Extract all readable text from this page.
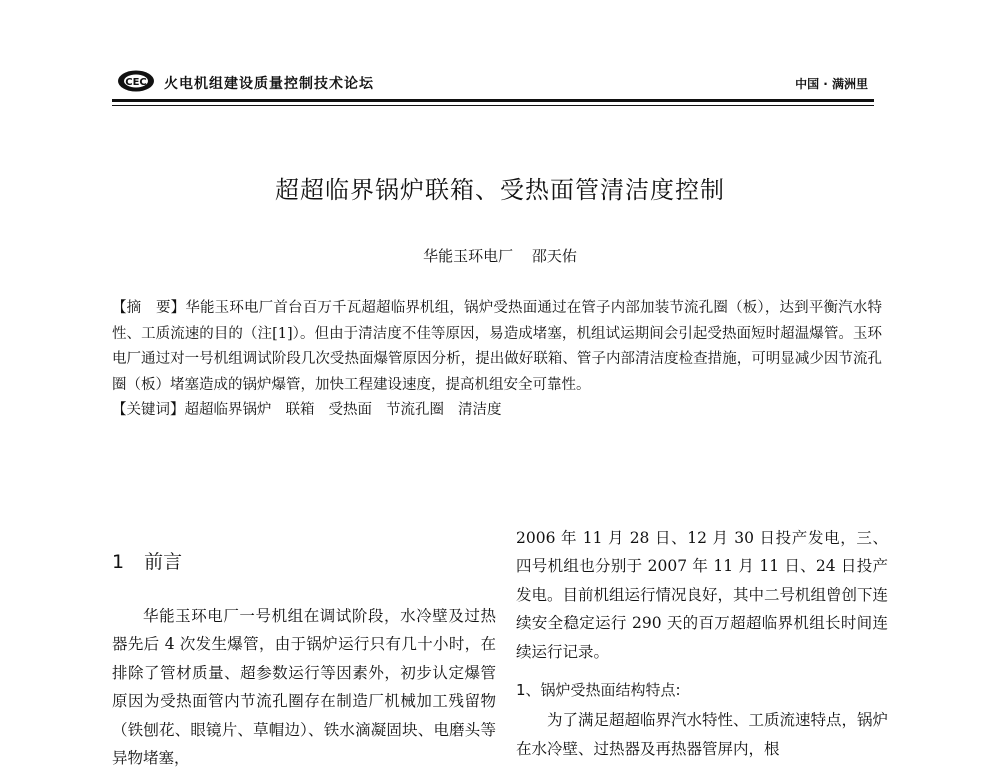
CEC 火电机组建设质量控制技术论坛	中国 · 满洲里
超超临界锅炉联箱、受热面管清洁度控制
华能玉环电厂 邵天佑

【摘　要】华能玉环电厂首台百万千瓦超超临界机组，锅炉受热面通过在管子内部加装节流孔圈（板），达到平衡汽水特性、工质流速的目的（注[1]）。但由于清洁度不佳等原因，易造成堵塞，机组试运期间会引起受热面短时超温爆管。玉环电厂通过对一号机组调试阶段几次受热面爆管原因分析，提出做好联箱、管子内部清洁度检查措施，可明显减少因节流孔圈（板）堵塞造成的锅炉爆管，加快工程建设速度，提高机组安全可靠性。

【关键词】超超临界锅炉 联箱 受热面 节流孔圈 清洁度

1 前言

华能玉环电厂一号机组在调试阶段，水冷壁及过热器先后 4 次发生爆管，由于锅炉运行只有几十小时，在排除了管材质量、超参数运行等因素外，初步认定爆管原因为受热面管内节流孔圈存在制造厂机械加工残留物（铁刨花、眼镜片、草帽边）、铁水滴凝固块、电磨头等异物堵塞，

2006 年 11 月 28 日、12 月 30 日投产发电，三、四号机组也分别于 2007 年 11 月 11 日、24 日投产发电。目前机组运行情况良好，其中二号机组曾创下连续安全稳定运行 290 天的百万超超临界机组长时间连续运行记录。

1、锅炉受热面结构特点:

为了满足超超临界汽水特性、工质流速特点，锅炉在水冷壁、过热器及再热器管屏内，根
